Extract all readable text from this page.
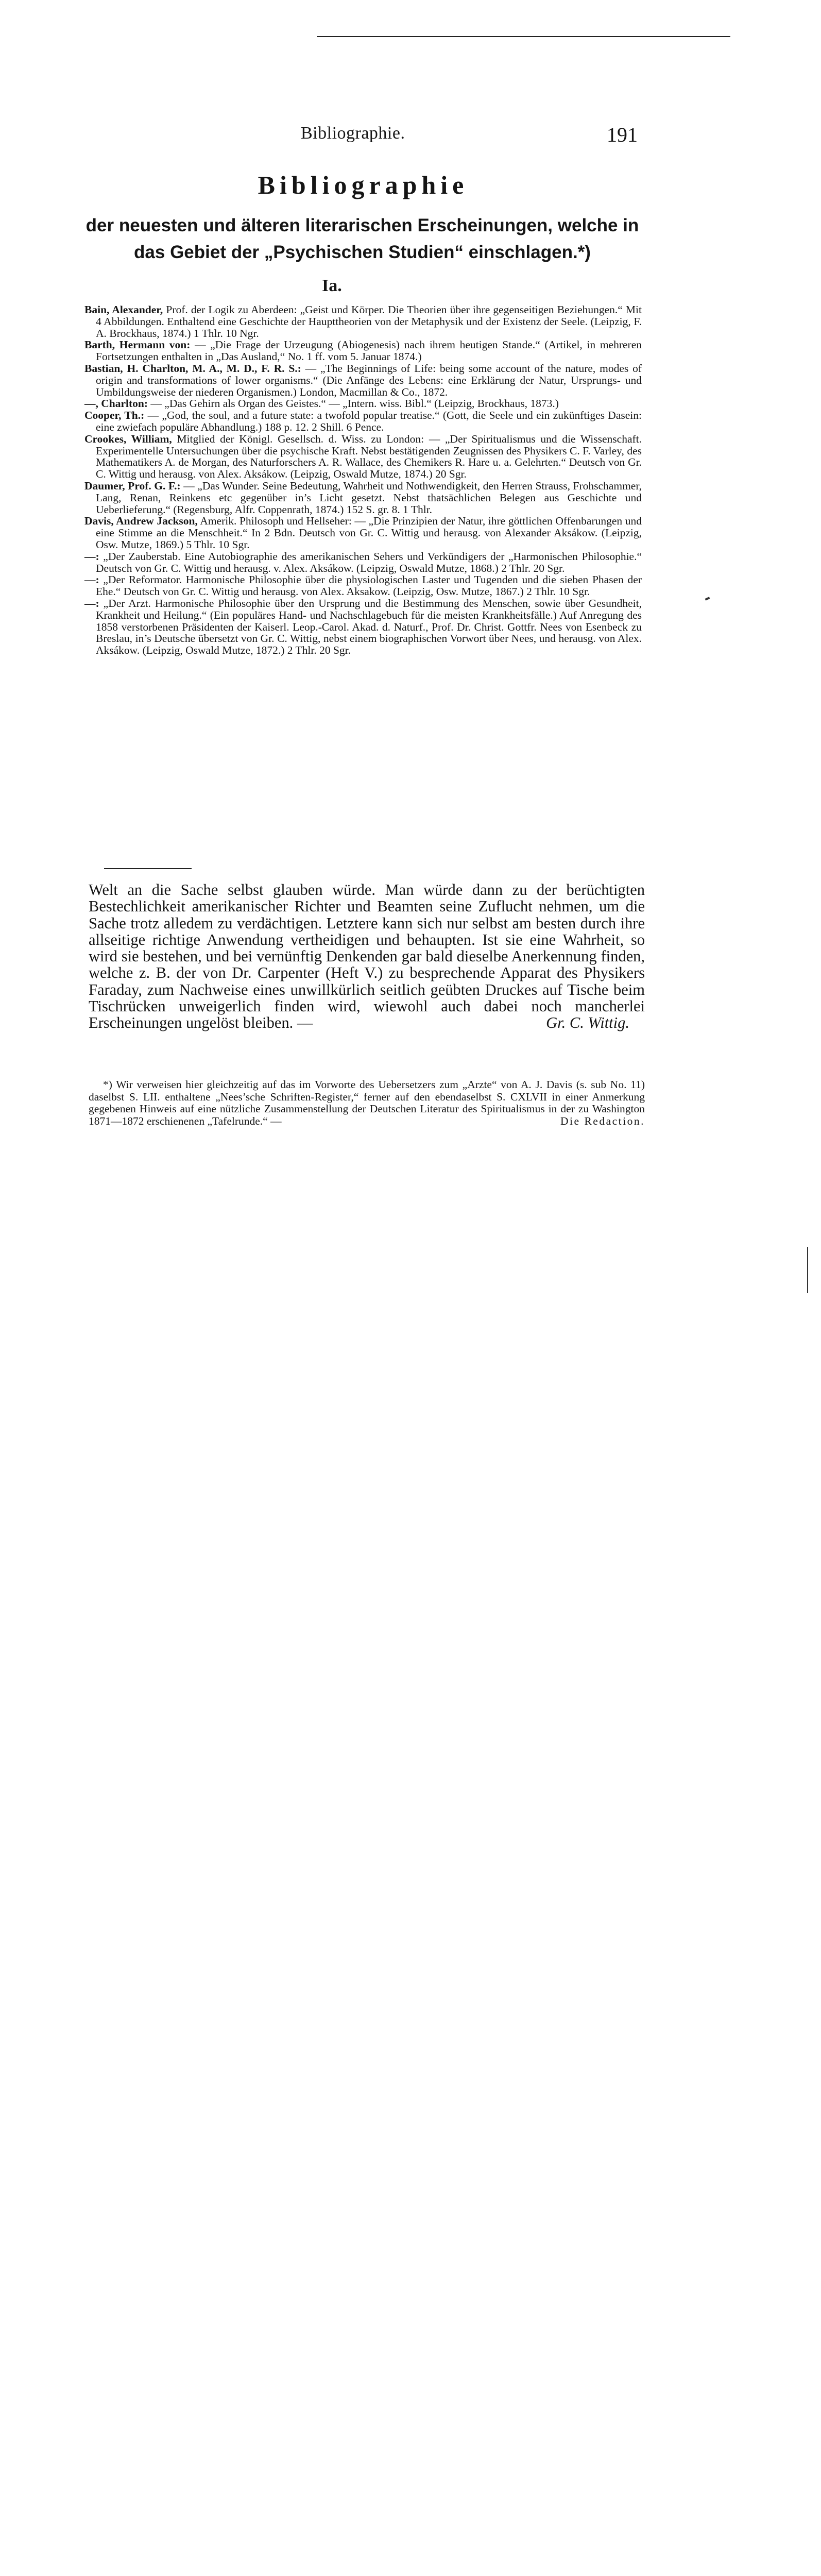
Bibliographie.	191
Bibliographie
der neuesten und älteren literarischen Erscheinungen, welche in das Gebiet der „Psychischen Studien“ einschlagen.*)
Ia.

Bain, Alexander, Prof. der Logik zu Aberdeen: „Geist und Körper. Die Theorien über ihre gegenseitigen Beziehungen.“ Mit 4 Abbildungen. Enthaltend eine Geschichte der Haupttheorien von der Metaphysik und der Existenz der Seele. (Leipzig, F. A. Brockhaus, 1874.) 1 Thlr. 10 Ngr.

Barth, Hermann von: — „Die Frage der Urzeugung (Abiogenesis) nach ihrem heutigen Stande.“ (Artikel, in mehreren Fortsetzungen enthalten in „Das Ausland,“ No. 1 ff. vom 5. Januar 1874.)

Bastian, H. Charlton, M. A., M. D., F. R. S.: — „The Beginnings of Life: being some account of the nature, modes of origin and transformations of lower organisms.“ (Die Anfänge des Lebens: eine Erklärung der Natur, Ursprungs- und Umbildungsweise der niederen Organismen.) London, Macmillan & Co., 1872.

—, Charlton: — „Das Gehirn als Organ des Geistes.“ — „Intern. wiss. Bibl.“ (Leipzig, Brockhaus, 1873.)

Cooper, Th.: — „God, the soul, and a future state: a twofold popular treatise.“ (Gott, die Seele und ein zukünftiges Dasein: eine zwiefach populäre Abhandlung.) 188 p. 12. 2 Shill. 6 Pence.

Crookes, William, Mitglied der Königl. Gesellsch. d. Wiss. zu London: — „Der Spiritualismus und die Wissenschaft. Experimentelle Untersuchungen über die psychische Kraft. Nebst bestätigenden Zeugnissen des Physikers C. F. Varley, des Mathematikers A. de Morgan, des Naturforschers A. R. Wallace, des Chemikers R. Hare u. a. Gelehrten.“ Deutsch von Gr. C. Wittig und herausg. von Alex. Aksákow. (Leipzig, Oswald Mutze, 1874.) 20 Sgr.

Daumer, Prof. G. F.: — „Das Wunder. Seine Bedeutung, Wahrheit und Nothwendigkeit, den Herren Strauss, Frohschammer, Lang, Renan, Reinkens etc gegenüber in’s Licht gesetzt. Nebst thatsächlichen Belegen aus Geschichte und Ueberlieferung.“ (Regensburg, Alfr. Coppenrath, 1874.) 152 S. gr. 8. 1 Thlr.

Davis, Andrew Jackson, Amerik. Philosoph und Hellseher: — „Die Prinzipien der Natur, ihre göttlichen Offenbarungen und eine Stimme an die Menschheit.“ In 2 Bdn. Deutsch von Gr. C. Wittig und herausg. von Alexander Aksákow. (Leipzig, Osw. Mutze, 1869.) 5 Thlr. 10 Sgr.

—: „Der Zauberstab. Eine Autobiographie des amerikanischen Sehers und Verkündigers der „Harmonischen Philosophie.“ Deutsch von Gr. C. Wittig und herausg. v. Alex. Aksákow. (Leipzig, Oswald Mutze, 1868.) 2 Thlr. 20 Sgr.

—: „Der Reformator. Harmonische Philosophie über die physiologischen Laster und Tugenden und die sieben Phasen der Ehe.“ Deutsch von Gr. C. Wittig und herausg. von Alex. Aksakow. (Leipzig, Osw. Mutze, 1867.) 2 Thlr. 10 Sgr.

—: „Der Arzt. Harmonische Philosophie über den Ursprung und die Bestimmung des Menschen, sowie über Gesundheit, Krankheit und Heilung.“ (Ein populäres Hand- und Nachschlagebuch für die meisten Krankheitsfälle.) Auf Anregung des 1858 verstorbenen Präsidenten der Kaiserl. Leop.-Carol. Akad. d. Naturf., Prof. Dr. Christ. Gottfr. Nees von Esenbeck zu Breslau, in’s Deutsche übersetzt von Gr. C. Wittig, nebst einem biographischen Vorwort über Nees, und herausg. von Alex. Aksákow. (Leipzig, Oswald Mutze, 1872.) 2 Thlr. 20 Sgr.

Welt an die Sache selbst glauben würde. Man würde dann zu der berüchtigten Bestechlichkeit amerikanischer Richter und Beamten seine Zuflucht nehmen, um die Sache trotz alledem zu verdächtigen. Letztere kann sich nur selbst am besten durch ihre allseitige richtige Anwendung vertheidigen und behaupten. Ist sie eine Wahrheit, so wird sie bestehen, und bei vernünftig Denkenden gar bald dieselbe Anerkennung finden, welche z. B. der von Dr. Carpenter (Heft V.) zu besprechende Apparat des Physikers Faraday, zum Nachweise eines unwillkürlich seitlich geübten Druckes auf Tische beim Tischrücken unweigerlich finden wird, wiewohl auch dabei noch mancherlei Erscheinungen ungelöst bleiben. —	Gr. C. Wittig.
*) Wir verweisen hier gleichzeitig auf das im Vorworte des Uebersetzers zum „Arzte“ von A. J. Davis (s. sub No. 11) daselbst S. LII. enthaltene „Nees’sche Schriften-Register,“ ferner auf den ebendaselbst S. CXLVII in einer Anmerkung gegebenen Hinweis auf eine nützliche Zusammenstellung der Deutschen Literatur des Spiritualismus in der zu Washington 1871—1872 erschienenen „Tafelrunde.“ —	Die Redaction.
